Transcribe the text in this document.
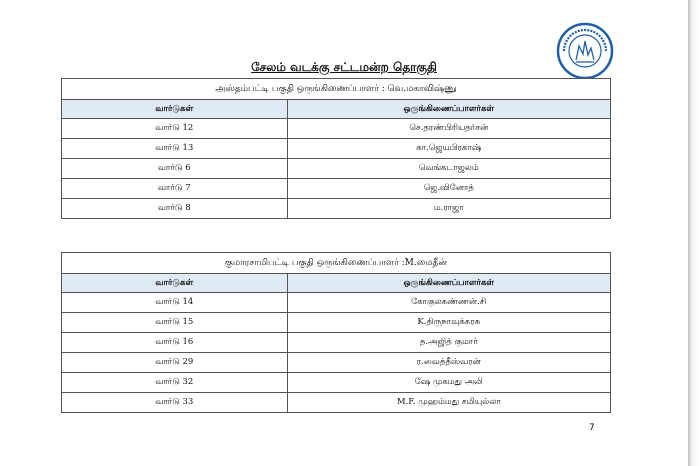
சேலம் வடக்கு சட்டமன்ற தொகுதி
அஸ்தம்பட்டி பகுதி ஒருங்கிணைப்பாளர் : வெ.மகாவிஷ்ணு	
வார்டுகள்	ஒருங்கிணைப்பாளர்கள்
வார்டு 12	செ.தரண்பிரியதர்சன்
வார்டு 13	கா.ஜெயபிரகாஷ்
வார்டு 6	வெங்கடாஜலம்
வார்டு 7	ஜெ.வினோத்
வார்டு 8	ம.ராஜா
குமாரசாமிபட்டி பகுதி ஒருங்கிணைப்பாளர் :M.மைதீன்	
வார்டுகள்	ஒருங்கிணைப்பாளர்கள்
வார்டு 14	கோகுலகண்ணன்.சி
வார்டு 15	K.திருநாவுக்கரசு
வார்டு 16	த.அஜித் குமார்
வார்டு 29	ர.வைத்தீஸ்வரன்
வார்டு 32	ஷே முகமது அலி
வார்டு 33	M.F. முஹம்மது சமியுல்லா
7
